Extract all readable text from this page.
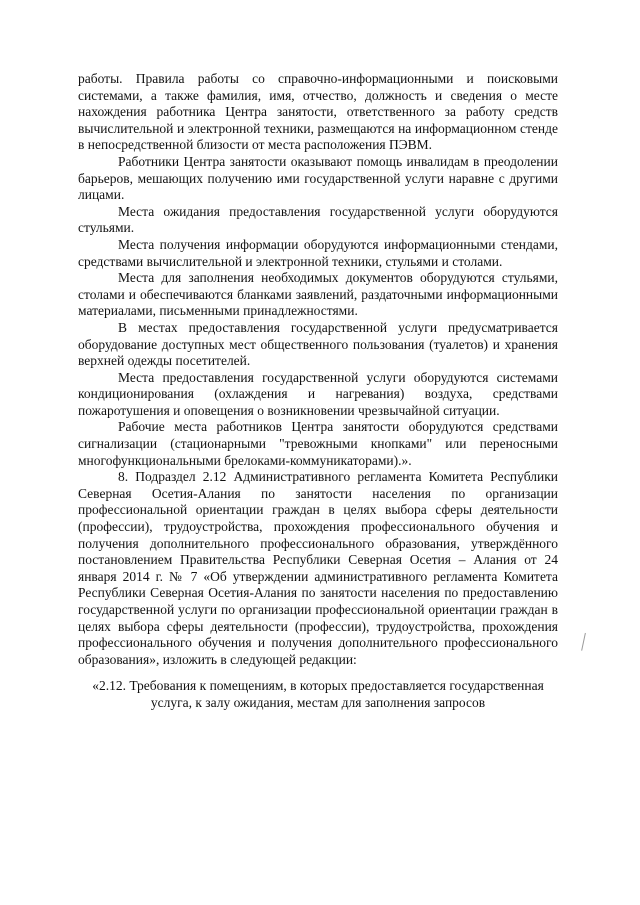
работы. Правила работы со справочно-информационными и поисковыми системами, а также фамилия, имя, отчество, должность и сведения о месте нахождения работника Центра занятости, ответственного за работу средств вычислительной и электронной техники, размещаются на информационном стенде в непосредственной близости от места расположения ПЭВМ.

Работники Центра занятости оказывают помощь инвалидам в преодолении барьеров, мешающих получению ими государственной услуги наравне с другими лицами.

Места ожидания предоставления государственной услуги оборудуются стульями.

Места получения информации оборудуются информационными стендами, средствами вычислительной и электронной техники, стульями и столами.

Места для заполнения необходимых документов оборудуются стульями, столами и обеспечиваются бланками заявлений, раздаточными информационными материалами, письменными принадлежностями.

В местах предоставления государственной услуги предусматривается оборудование доступных мест общественного пользования (туалетов) и хранения верхней одежды посетителей.

Места предоставления государственной услуги оборудуются системами кондиционирования (охлаждения и нагревания) воздуха, средствами пожаротушения и оповещения о возникновении чрезвычайной ситуации.

Рабочие места работников Центра занятости оборудуются средствами сигнализации (стационарными "тревожными кнопками" или переносными многофункциональными брелоками-коммуникаторами).».

8. Подраздел 2.12 Административного регламента Комитета Республики Северная Осетия-Алания по занятости населения по организации профессиональной ориентации граждан в целях выбора сферы деятельности (профессии), трудоустройства, прохождения профессионального обучения и получения дополнительного профессионального образования, утверждённого постановлением Правительства Республики Северная Осетия – Алания от 24 января 2014 г. № 7 «Об утверждении административного регламента Комитета Республики Северная Осетия-Алания по занятости населения по предоставлению государственной услуги по организации профессиональной ориентации граждан в целях выбора сферы деятельности (профессии), трудоустройства, прохождения профессионального обучения и получения дополнительного профессионального образования», изложить в следующей редакции:

«2.12. Требования к помещениям, в которых предоставляется государственная услуга, к залу ожидания, местам для заполнения запросов
